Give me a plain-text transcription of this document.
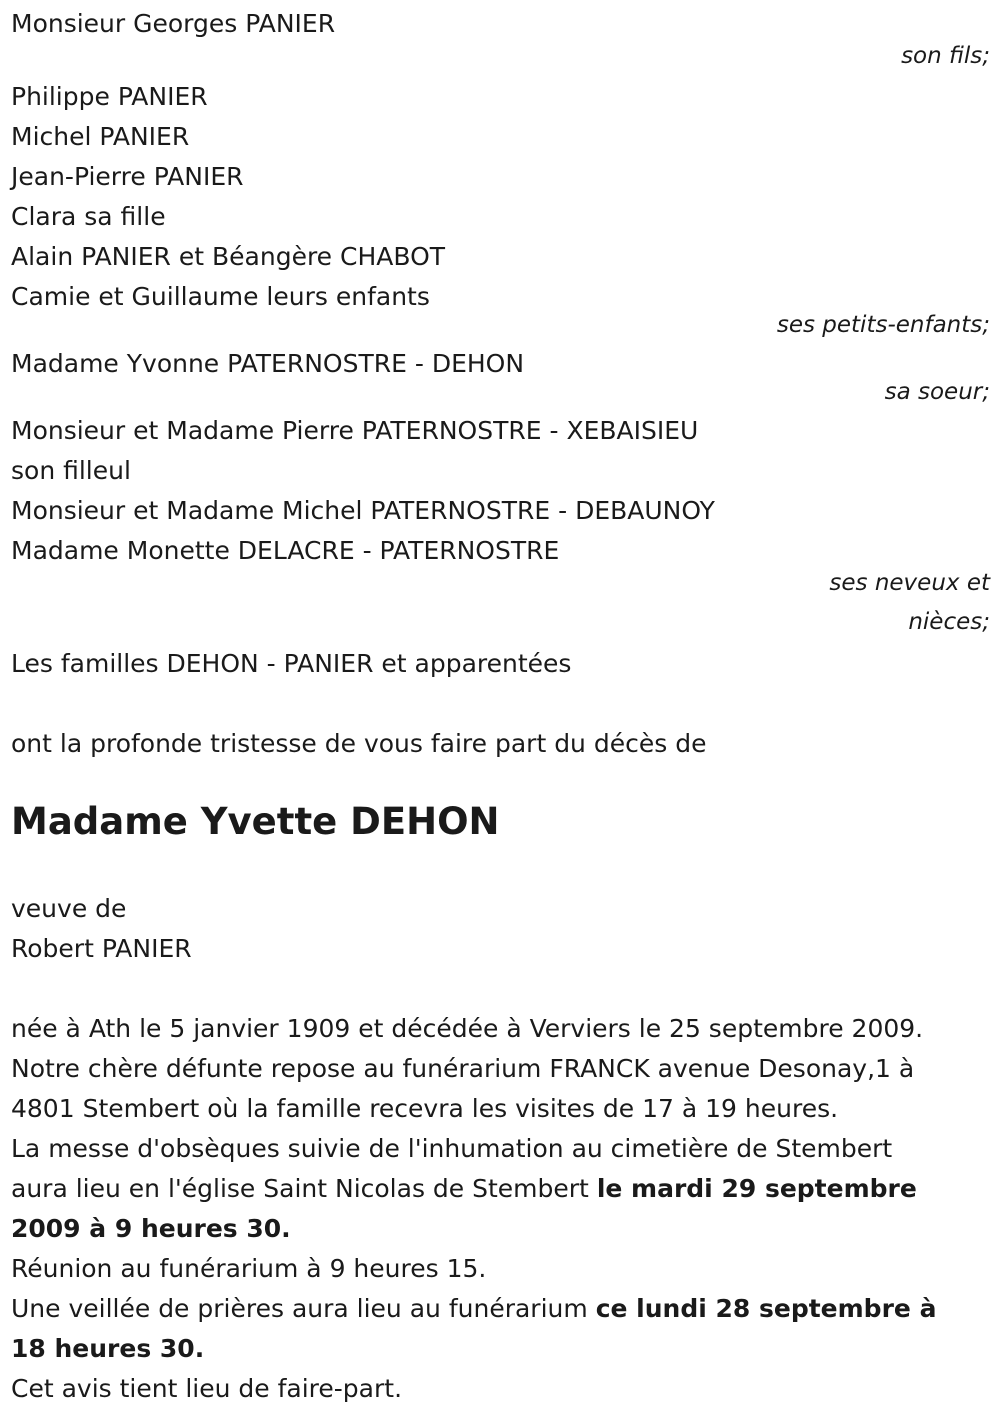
Monsieur Georges PANIER
son fils;
Philippe PANIER
Michel PANIER
Jean-Pierre PANIER
Clara sa fille
Alain PANIER et Béangère CHABOT
Camie et Guillaume leurs enfants
ses petits-enfants;
Madame Yvonne PATERNOSTRE - DEHON
sa soeur;
Monsieur et Madame Pierre PATERNOSTRE - XEBAISIEU
son filleul
Monsieur et Madame Michel PATERNOSTRE - DEBAUNOY
Madame Monette DELACRE - PATERNOSTRE
ses neveux et
nièces;
Les familles DEHON - PANIER et apparentées
ont la profonde tristesse de vous faire part du décès de
Madame Yvette DEHON
veuve de
Robert PANIER
née à Ath le 5 janvier 1909 et décédée à Verviers le 25 septembre 2009.
Notre chère défunte repose au funérarium FRANCK avenue Desonay,1 à
4801 Stembert où la famille recevra les visites de 17 à 19 heures.
La messe d'obsèques suivie de l'inhumation au cimetière de Stembert
aura lieu en l'église Saint Nicolas de Stembert le mardi 29 septembre
2009 à 9 heures 30.
Réunion au funérarium à 9 heures 15.
Une veillée de prières aura lieu au funérarium ce lundi 28 septembre à
18 heures 30.
Cet avis tient lieu de faire-part.
